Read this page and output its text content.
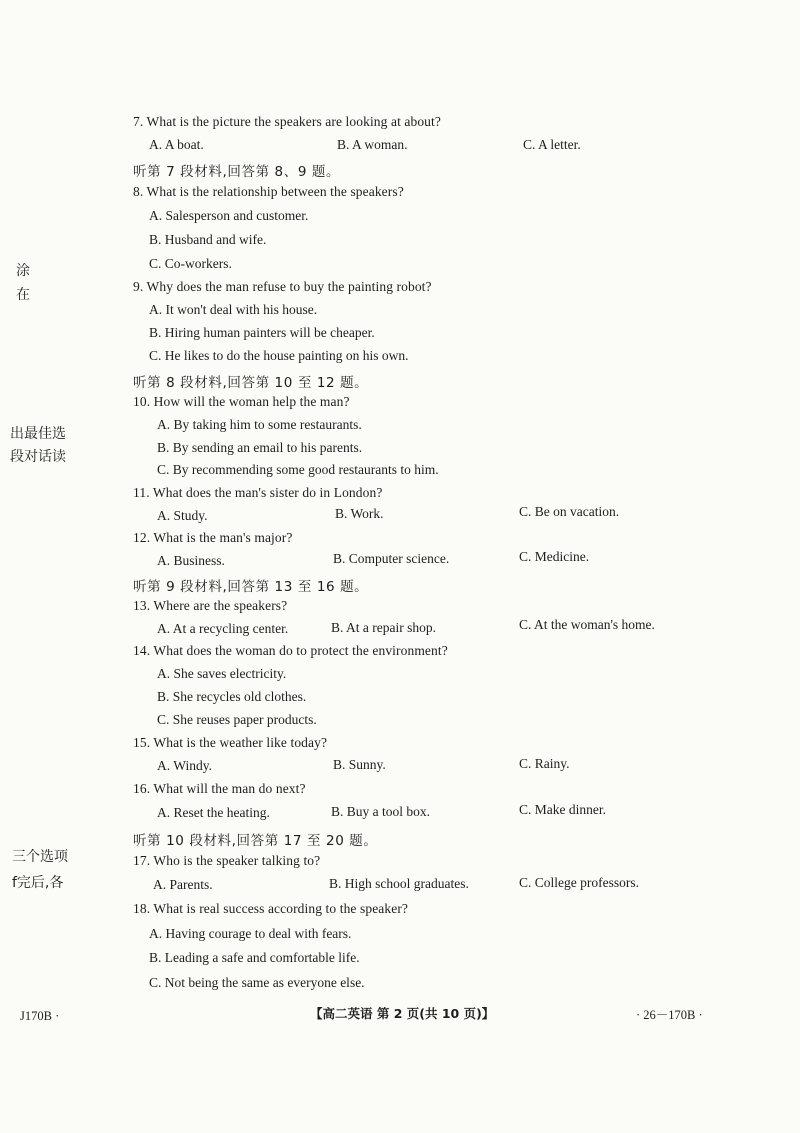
涂
在
出最佳选
段对话读
三个选项
f完后,各
7. What is the picture the speakers are looking at about?
A. A boat.	B. A woman.	C. A letter.
听第 7 段材料,回答第 8、9 题。
8. What is the relationship between the speakers?
A. Salesperson and customer.
B. Husband and wife.
C. Co-workers.
9. Why does the man refuse to buy the painting robot?
A. It won't deal with his house.
B. Hiring human painters will be cheaper.
C. He likes to do the house painting on his own.
听第 8 段材料,回答第 10 至 12 题。
10. How will the woman help the man?
A. By taking him to some restaurants.
B. By sending an email to his parents.
C. By recommending some good restaurants to him.
11. What does the man's sister do in London?
A. Study.	B. Work.	C. Be on vacation.
12. What is the man's major?
A. Business.	B. Computer science.	C. Medicine.
听第 9 段材料,回答第 13 至 16 题。
13. Where are the speakers?
A. At a recycling center.	B. At a repair shop.	C. At the woman's home.
14. What does the woman do to protect the environment?
A. She saves electricity.
B. She recycles old clothes.
C. She reuses paper products.
15. What is the weather like today?
A. Windy.	B. Sunny.	C. Rainy.
16. What will the man do next?
A. Reset the heating.	B. Buy a tool box.	C. Make dinner.
听第 10 段材料,回答第 17 至 20 题。
17. Who is the speaker talking to?
A. Parents.	B. High school graduates.	C. College professors.
18. What is real success according to the speaker?
A. Having courage to deal with fears.
B. Leading a safe and comfortable life.
C. Not being the same as everyone else.
J170B ·	【高二英语 第 2 页(共 10 页)】	· 26－170B ·
